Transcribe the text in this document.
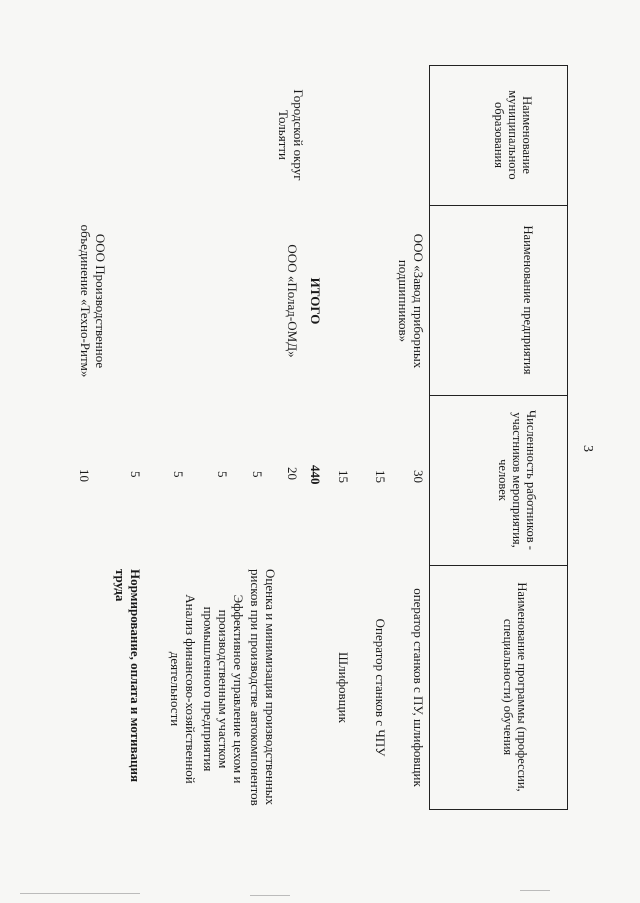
3
Наименование муниципального образования
Наименование предприятия
Численность работников - участников мероприятия, человек
Наименование программы (профессии, специальности) обучения
ООО «Завод приборных подшипников»
30
оператор станков с ПУ, шлифовщик
15
Оператор станков с ЧПУ
15
Шлифовщик
ИТОГО
440
Городской округ Тольятти
ООО «Полад-ОМД»
20
5
Оценка и минимизация производственных рисков при производстве автокомпонентов
5
Эффективное управление цехом и производственным участком промышленного предприятия
5
Анализ финансово-хозяйственной деятельности
5
Нормирование, оплата и мотивация труда
ООО Производственное объединение «Техно-Ритм»
10
